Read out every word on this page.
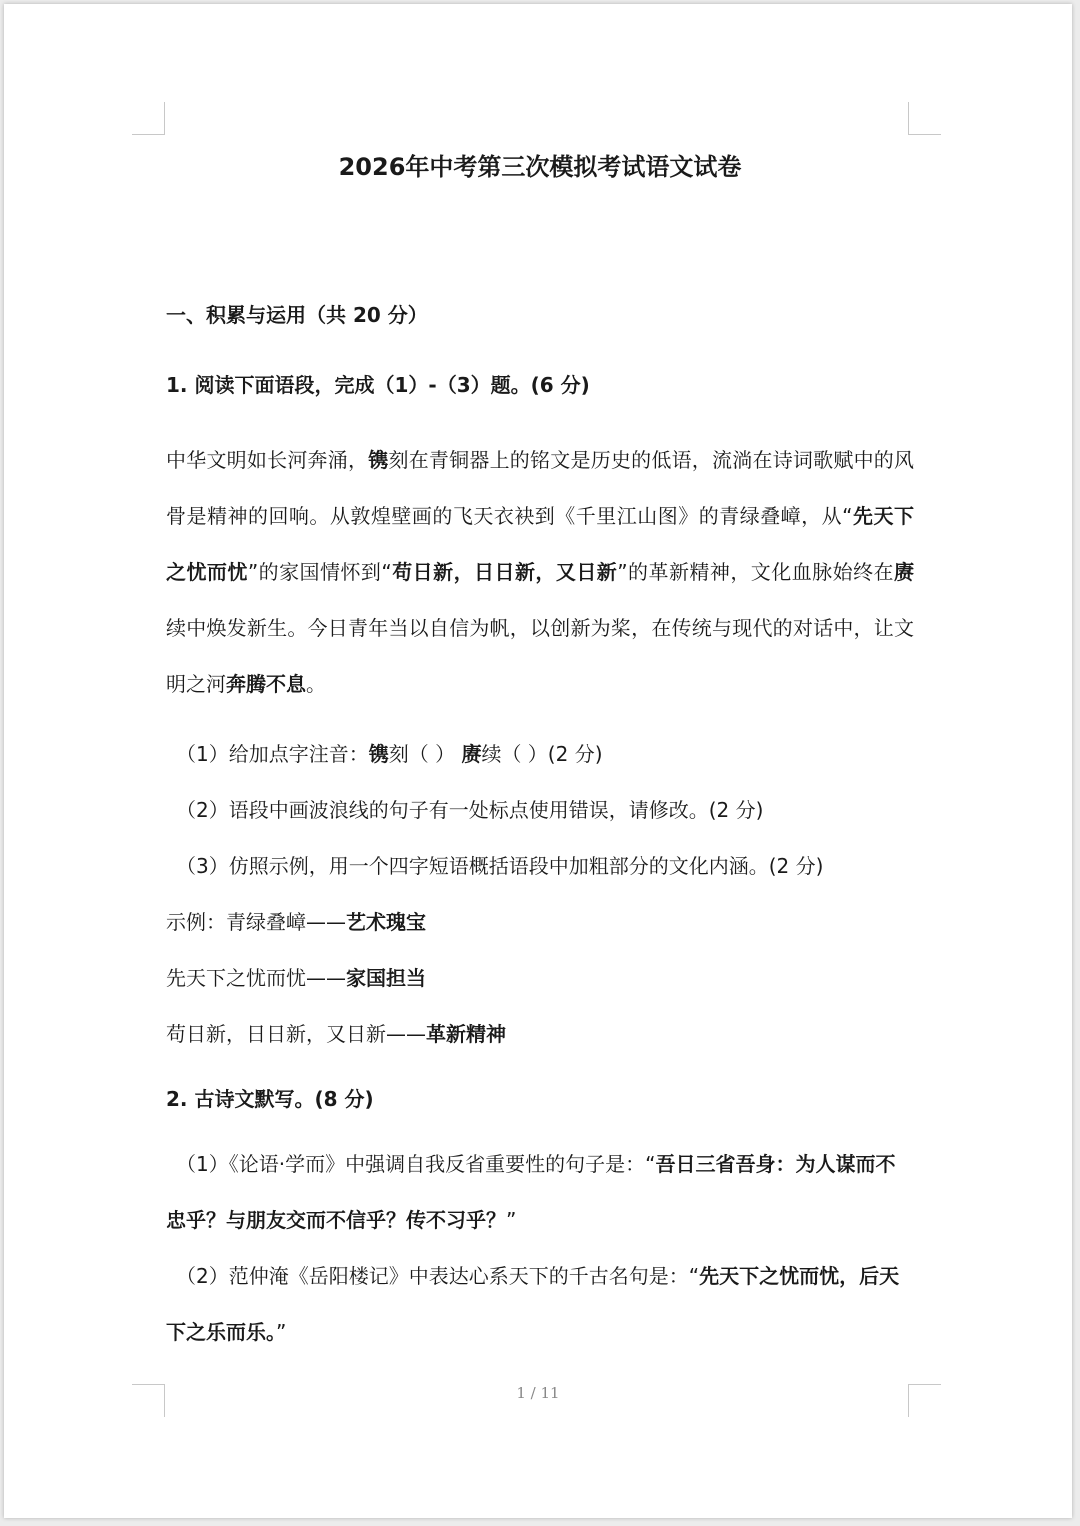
2026年中考第三次模拟考试语文试卷

一、积累与运用（共 20 分）

1. 阅读下面语段，完成（1）-（3）题。(6 分)

中华文明如长河奔涌，镌刻在青铜器上的铭文是历史的低语，流淌在诗词歌赋中的风骨是精神的回响。从敦煌壁画的飞天衣袂到《千里江山图》的青绿叠嶂，从“先天下之忧而忧”的家国情怀到“苟日新，日日新，又日新”的革新精神，文化血脉始终在赓续中焕发新生。今日青年当以自信为帆，以创新为桨，在传统与现代的对话中，让文明之河奔腾不息。

（1）给加点字注音：镌刻（ ） 赓续（ ）(2 分)

（2）语段中画波浪线的句子有一处标点使用错误，请修改。(2 分)

（3）仿照示例，用一个四字短语概括语段中加粗部分的文化内涵。(2 分)

示例：青绿叠嶂——艺术瑰宝

先天下之忧而忧——家国担当

苟日新，日日新，又日新——革新精神

2. 古诗文默写。(8 分)

（1）《论语·学而》中强调自我反省重要性的句子是：“吾日三省吾身：为人谋而不忠乎？与朋友交而不信乎？传不习乎？”

（2）范仲淹《岳阳楼记》中表达心系天下的千古名句是：“先天下之忧而忧，后天下之乐而乐。”

1 / 11
